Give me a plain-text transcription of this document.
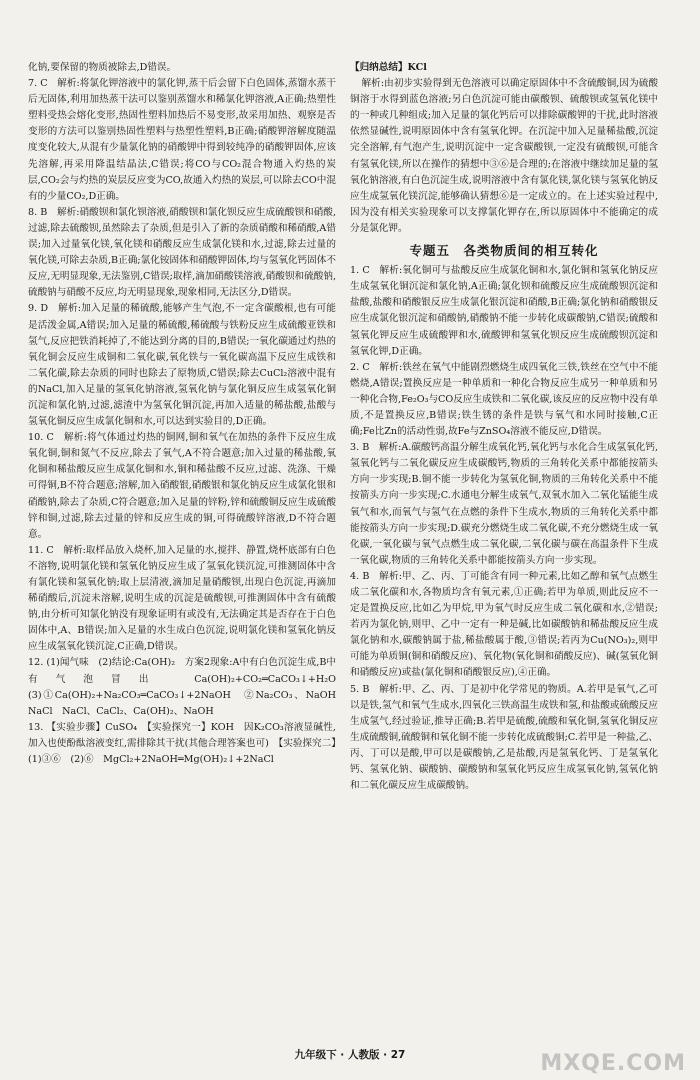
化钠,要保留的物质被除去,D错误。

7. C　解析:将氯化钾溶液中的氯化钾,蒸干后会留下白色固体,蒸馏水蒸干后无固体,利用加热蒸干法可以鉴别蒸馏水和稀氯化钾溶液,A正确;热塑性塑料受热会熔化变形,热固性塑料加热后不易变形,故采用加热、观察是否变形的方法可以鉴别热固性塑料与热塑性塑料,B正确;硝酸钾溶解度随温度变化较大,从混有少量氯化钠的硝酸钾中得到较纯净的硝酸钾固体,应该先溶解,再采用降温结晶法,C错误;将CO与CO₂混合物通入灼热的炭层,CO₂会与灼热的炭层反应变为CO,故通入灼热的炭层,可以除去CO中混有的少量CO₂,D正确。

8. B　解析:硝酸钡和氯化钡溶液,硝酸钡和氯化钡反应生成硫酸钡和硝酸,过滤,除去硫酸钡,虽然除去了杂质,但是引入了新的杂质硝酸和稀硝酸,A错误;加入过量氧化镁,氧化镁和硝酸反应生成氯化镁和水,过滤,除去过量的氧化镁,可除去杂质,B正确;氯化铵固体和硝酸钾固体,均与氢氧化钙固体不反应,无明显现象,无法鉴别,C错误;取样,滴加硝酸镁溶液,硝酸钡和硫酸钠,硫酸钠与硝酸不反应,均无明显现象,现象相同,无法区分,D错误。

9. D　解析:加入足量的稀硫酸,能够产生气泡,不一定含碳酸根,也有可能是活泼金属,A错误;加入足量的稀硫酸,稀硫酸与铁粉反应生成硫酸亚铁和氢气,反应把铁消耗掉了,不能达到分离的目的,B错误;一氧化碳通过灼热的氧化铜会反应生成铜和二氧化碳,氧化铁与一氧化碳高温下反应生成铁和二氧化碳,除去杂质的同时也除去了原物质,C错误;除去CuCl₂溶液中混有的NaCl,加入足量的氢氧化钠溶液,氢氧化钠与氯化铜反应生成氢氧化铜沉淀和氯化钠,过滤,滤渣中为氢氧化铜沉淀,再加入适量的稀盐酸,盐酸与氢氧化铜反应生成氯化铜和水,可以达到实验目的,D正确。

10. C　解析:将气体通过灼热的铜网,铜和氧气在加热的条件下反应生成氧化铜,铜和氮气不反应,除去了氧气,A不符合题意;加入过量的稀盐酸,氧化铜和稀盐酸反应生成氯化铜和水,铜和稀盐酸不反应,过滤、洗涤、干燥可得铜,B不符合题意;溶解,加入硝酸银,硝酸银和氯化钠反应生成氯化银和硝酸钠,除去了杂质,C符合题意;加入足量的锌粉,锌和硫酸铜反应生成硫酸锌和铜,过滤,除去过量的锌和反应生成的铜,可得硫酸锌溶液,D不符合题意。

11. C　解析:取样品放入烧杯,加入足量的水,搅拌、静置,烧杯底部有白色不溶物,说明氯化镁和氢氧化钠反应生成了氢氧化镁沉淀,可推测固体中含有氯化镁和氢氧化钠;取上层清液,滴加足量硝酸钡,出现白色沉淀,再滴加稀硝酸后,沉淀未溶解,说明生成的沉淀是硫酸钡,可推测固体中含有硫酸钠,由分析可知氯化钠没有现象证明有或没有,无法确定其是否存在于白色固体中,A、B错误;加入足量的水生成白色沉淀,说明氯化镁和氢氧化钠反应生成氢氧化镁沉淀,C正确,D错误。

12. (1)闻气味　(2)结论:Ca(OH)₂　方案2现象:A中有白色沉淀生成,B中有气泡冒出　Ca(OH)₂+CO₂═CaCO₃↓+H₂O　(3)①Ca(OH)₂+Na₂CO₃═CaCO₃↓+2NaOH　②Na₂CO₃、NaOH　NaCl　NaCl、CaCl₂、Ca(OH)₂、NaOH

13. 【实验步骤】CuSO₄　【实验探究一】KOH　因K₂CO₃溶液显碱性,加入也使酚酞溶液变红,需排除其干扰(其他合理答案也可)　【实验探究二】(1)③⑥　(2)⑥　MgCl₂+2NaOH═Mg(OH)₂↓+2NaCl

【归纳总结】KCl

解析:由初步实验得到无色溶液可以确定原固体中不含硫酸铜,因为硫酸铜溶于水得到蓝色溶液;另白色沉淀可能由碳酸钡、硫酸钡或氢氧化镁中的一种或几种组成;加入足量的氯化钙后可以排除碳酸钾的干扰,此时溶液依然显碱性,说明原固体中含有氢氧化钾。在沉淀中加入足量稀盐酸,沉淀完全溶解,有气泡产生,说明沉淀中一定含碳酸钡,一定没有硫酸钡,可能含有氢氧化镁,所以在操作的猜想中③⑥是合理的;在溶液中继续加足量的氢氧化钠溶液,有白色沉淀生成,说明溶液中含有氯化镁,氯化镁与氢氧化钠反应生成氢氧化镁沉淀,能够确认猜想⑥是一定成立的。在上述实验过程中,因为没有相关实验现象可以支撑氯化钾存在,所以原固体中不能确定的成分是氯化钾。

专题五　各类物质间的相互转化

1. C　解析:氧化铜可与盐酸反应生成氯化铜和水,氯化铜和氢氧化钠反应生成氢氧化铜沉淀和氯化钠,A正确;氯化钡和硫酸反应生成硫酸钡沉淀和盐酸,盐酸和硝酸银反应生成氯化银沉淀和硝酸,B正确;氯化钠和硝酸银反应生成氯化银沉淀和硝酸钠,硝酸钠不能一步转化成碳酸钠,C错误;硫酸和氢氧化钾反应生成硫酸钾和水,硫酸钾和氢氧化钡反应生成硫酸钡沉淀和氢氧化钾,D正确。

2. C　解析:铁丝在氧气中能剧烈燃烧生成四氧化三铁,铁丝在空气中不能燃烧,A错误;置换反应是一种单质和一种化合物反应生成另一种单质和另一种化合物,Fe₂O₃与CO反应生成铁和二氧化碳,该反应的反应物中没有单质,不是置换反应,B错误;铁生锈的条件是铁与氧气和水同时接触,C正确;Fe比Zn的活动性弱,故Fe与ZnSO₄溶液不能反应,D错误。

3. B　解析:A.碳酸钙高温分解生成氧化钙,氧化钙与水化合生成氢氧化钙,氢氧化钙与二氧化碳反应生成碳酸钙,物质的三角转化关系中都能按箭头方向一步实现;B.铜不能一步转化为氢氧化铜,物质的三角转化关系中不能按箭头方向一步实现;C.水通电分解生成氧气,双氧水加入二氧化锰能生成氧气和水,而氧气与氢气在点燃的条件下生成水,物质的三角转化关系中都能按箭头方向一步实现;D.碳充分燃烧生成二氧化碳,不充分燃烧生成一氧化碳,一氧化碳与氧气点燃生成二氧化碳,二氧化碳与碳在高温条件下生成一氧化碳,物质的三角转化关系中都能按箭头方向一步实现。

4. B　解析:甲、乙、丙、丁可能含有同一种元素,比如乙醇和氧气点燃生成二氧化碳和水,各物质均含有氧元素,①正确;若甲为单质,则此反应不一定是置换反应,比如乙为甲烷,甲为氧气时反应生成二氧化碳和水,②错误;若丙为氯化钠,则甲、乙中一定有一种是碱,比如碳酸钠和稀盐酸反应生成氯化钠和水,碳酸钠属于盐,稀盐酸属于酸,③错误;若丙为Cu(NO₃)₂,则甲可能为单质铜(铜和硝酸反应)、氧化物(氧化铜和硝酸反应)、碱(氢氧化铜和硝酸反应)或盐(氯化铜和硝酸银反应),④正确。

5. B　解析:甲、乙、丙、丁是初中化学常见的物质。A.若甲是氧气,乙可以是铁,氢气和氧气生成水,四氧化三铁高温生成铁和氢,和盐酸或硫酸反应生成氢气,经过验证,推导正确;B.若甲是硫酸,硫酸和氧化铜,氢氧化铜反应生成硫酸铜,硫酸铜和氧化铜不能一步转化成硫酸铜;C.若甲是一种盐,乙、丙、丁可以是酸,甲可以是碳酸钠,乙是盐酸,丙是氢氧化钙、丁是氢氧化钙、氢氧化钠、碳酸钠、碳酸钠和氢氧化钙反应生成氢氧化钠,氢氧化钠和二氧化碳反应生成碳酸钠。

九年级下 · 人教版 · 27	MXQE.COM
